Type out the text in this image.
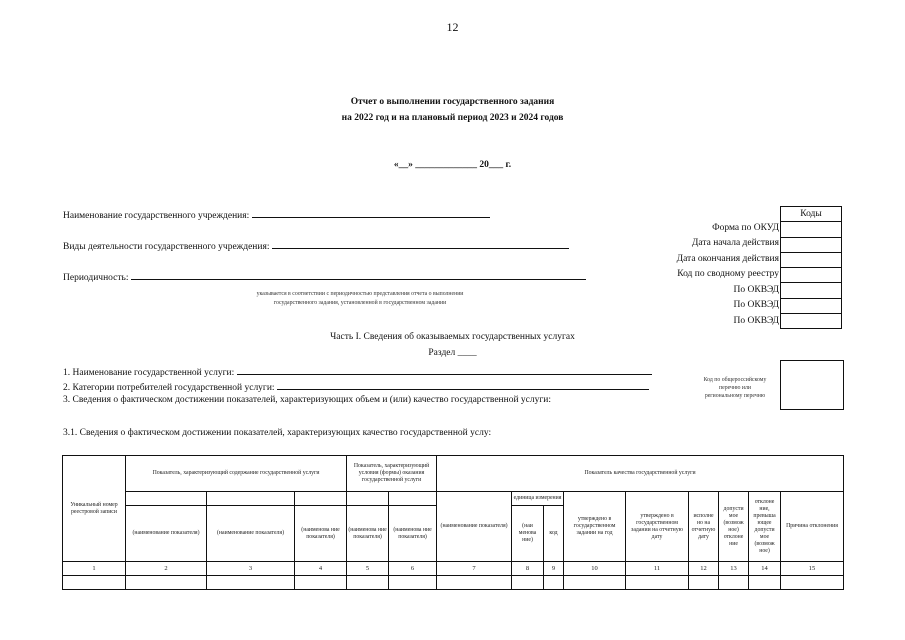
12
Отчет о выполнении государственного задания
на 2022 год и на плановый период 2023 и 2024 годов
«__» _____________ 20___ г.
Наименование государственного учреждения:
Виды деятельности государственного учреждения:
Периодичность:
указывается в соответствии с периодичностью представления отчета о выполнении
государственного задания, установленной в государственном задании
Форма по ОКУД
Дата начала действия
Дата окончания действия
Код по сводному реестру
По ОКВЭД
По ОКВЭД
По ОКВЭД
Коды

Часть I. Сведения об оказываемых государственных услугах
Раздел ____
1. Наименование государственной услуги:
2. Категории потребителей государственной услуги:
3. Сведения о фактическом достижении показателей, характеризующих объем и (или) качество государственной услуги:
Код по общероссийскому
перечню или
региональному перечню
3.1. Сведения о фактическом достижении показателей, характеризующих качество государственной услу:
Уникальный номер реестровой записи	Показатель, характеризующий содержание государственной услуги			Показатель, характеризующий условия (формы) оказания государственной услуги		Показатель качества государственной услуги								
						(наименование показателя)	единица измерения		утверждено в государственном задании на год	утверждено в государственном задании на отчетную дату	исполне но на отчетную дату	допусти мое (возмож ное) отклоне ние	отклоне ние, превыша ющее допусти мое (возмож ное)	Причина отклонения
	(наименование показателя)	(наименование показателя)	(наименова ние показателя)	(наименова ние показателя)	(наименова ние показателя)		(наи менова ние)	код						
1	2	3	4	5	6	7	8	9	10	11	12	13	14	15
